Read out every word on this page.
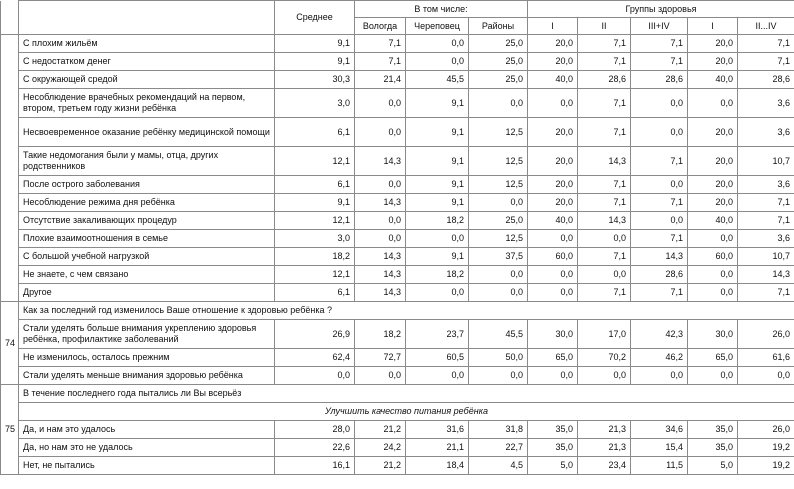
		Среднее	В том числе:			Группы здоровья				
			Вологда	Череповец	Районы	I	II	III+IV	I	II...IV
	С плохим жильём	9,1	7,1	0,0	25,0	20,0	7,1	7,1	20,0	7,1
	С недостатком денег	9,1	7,1	0,0	25,0	20,0	7,1	7,1	20,0	7,1
	С окружающей средой	30,3	21,4	45,5	25,0	40,0	28,6	28,6	40,0	28,6
	Несоблюдение врачебных рекомендаций на первом, втором, третьем году жизни ребёнка	3,0	0,0	9,1	0,0	0,0	7,1	0,0	0,0	3,6
	Несвоевременное оказание ребёнку медицинской помощи	6,1	0,0	9,1	12,5	20,0	7,1	0,0	20,0	3,6
	Такие недомогания были у мамы, отца, других родственников	12,1	14,3	9,1	12,5	20,0	14,3	7,1	20,0	10,7
	После острого заболевания	6,1	0,0	9,1	12,5	20,0	7,1	0,0	20,0	3,6
	Несоблюдение режима дня ребёнка	9,1	14,3	9,1	0,0	20,0	7,1	7,1	20,0	7,1
	Отсутствие закаливающих процедур	12,1	0,0	18,2	25,0	40,0	14,3	0,0	40,0	7,1
	Плохие взаимоотношения в семье	3,0	0,0	0,0	12,5	0,0	0,0	7,1	0,0	3,6
	С большой учебной нагрузкой	18,2	14,3	9,1	37,5	60,0	7,1	14,3	60,0	10,7
	Не знаете, с чем связано	12,1	14,3	18,2	0,0	0,0	0,0	28,6	0,0	14,3
	Другое	6,1	14,3	0,0	0,0	0,0	7,1	7,1	0,0	7,1
74	Как за последний год изменилось Ваше отношение к здоровью ребёнка ?									
	Стали уделять больше внимания укреплению здоровья ребёнка, профилактике заболеваний	26,9	18,2	23,7	45,5	30,0	17,0	42,3	30,0	26,0
	Не изменилось, осталось прежним	62,4	72,7	60,5	50,0	65,0	70,2	46,2	65,0	61,6
	Стали уделять меньше внимания здоровью ребёнка	0,0	0,0	0,0	0,0	0,0	0,0	0,0	0,0	0,0
75	В течение последнего года пытались ли Вы всерьёз									
	Улучшить качество питания ребёнка									
	Да, и нам это удалось	28,0	21,2	31,6	31,8	35,0	21,3	34,6	35,0	26,0
	Да, но нам это не удалось	22,6	24,2	21,1	22,7	35,0	21,3	15,4	35,0	19,2
	Нет, не пытались	16,1	21,2	18,4	4,5	5,0	23,4	11,5	5,0	19,2
